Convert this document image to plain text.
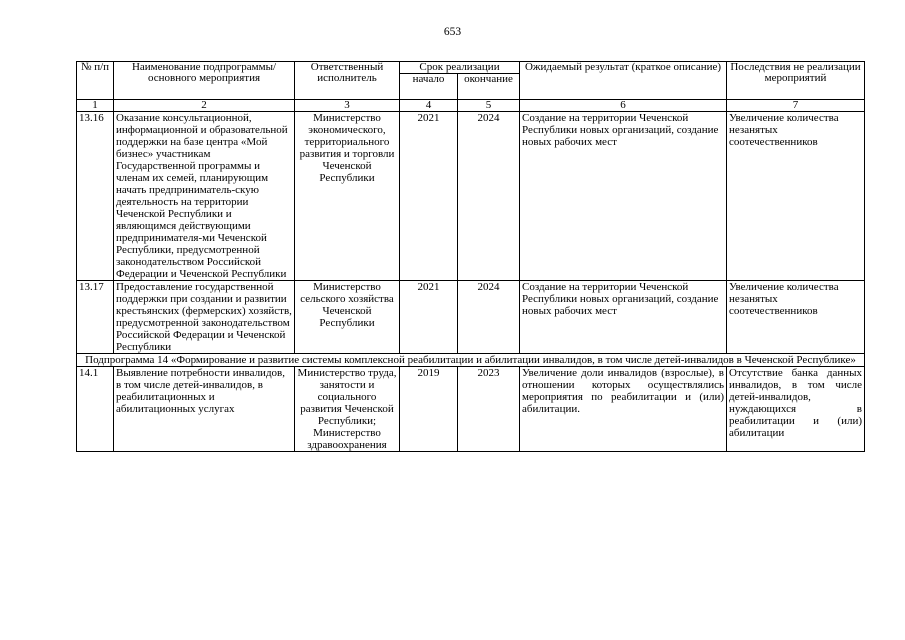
653
№ п/п	Наименование подпрограммы/ основного мероприятия	Ответственный исполнитель	Срок реализации		Ожидаемый результат (краткое описание)	Последствия не реализации мероприятий
			начало	окончание		
1	2	3	4	5	6	7
13.16	Оказание консультационной, информационной и образовательной поддержки на базе центра «Мой бизнес» участникам Государственной программы и членам их семей, планирующим начать предприниматель-скую деятельность на территории Чеченской Республики и являющимся действующими предпринимателя-ми Чеченской Республики, предусмотренной законодательством Российской Федерации и Чеченской Республики	Министерство экономического, территориального развития и торговли Чеченской Республики	2021	2024	Создание на территории Чеченской Республики новых организаций, создание новых рабочих мест	Увеличение количества незанятых соотечественников
13.17	Предоставление государственной поддержки при создании и развитии крестьянских (фермерских) хозяйств, предусмотренной законодательством Российской Федерации и Чеченской Республики	Министерство сельского хозяйства Чеченской Республики	2021	2024	Создание на территории Чеченской Республики новых организаций, создание новых рабочих мест	Увеличение количества незанятых соотечественников
Подпрограмма 14 «Формирование и развитие системы комплексной реабилитации и абилитации инвалидов, в том числе детей-инвалидов в Чеченской Республике»						
14.1	Выявление потребности инвалидов, в том числе детей-инвалидов, в реабилитационных и абилитационных услугах	Министерство труда, занятости и социального развития Чеченской Республики; Министерство здравоохранения	2019	2023	Увеличение доли инвалидов (взрослые), в отношении которых осуществлялись мероприятия по реабилитации и (или) абилитации.	Отсутствие банка данных инвалидов, в том числе детей-инвалидов, нуждающихся в реабилитации и (или) абилитации
